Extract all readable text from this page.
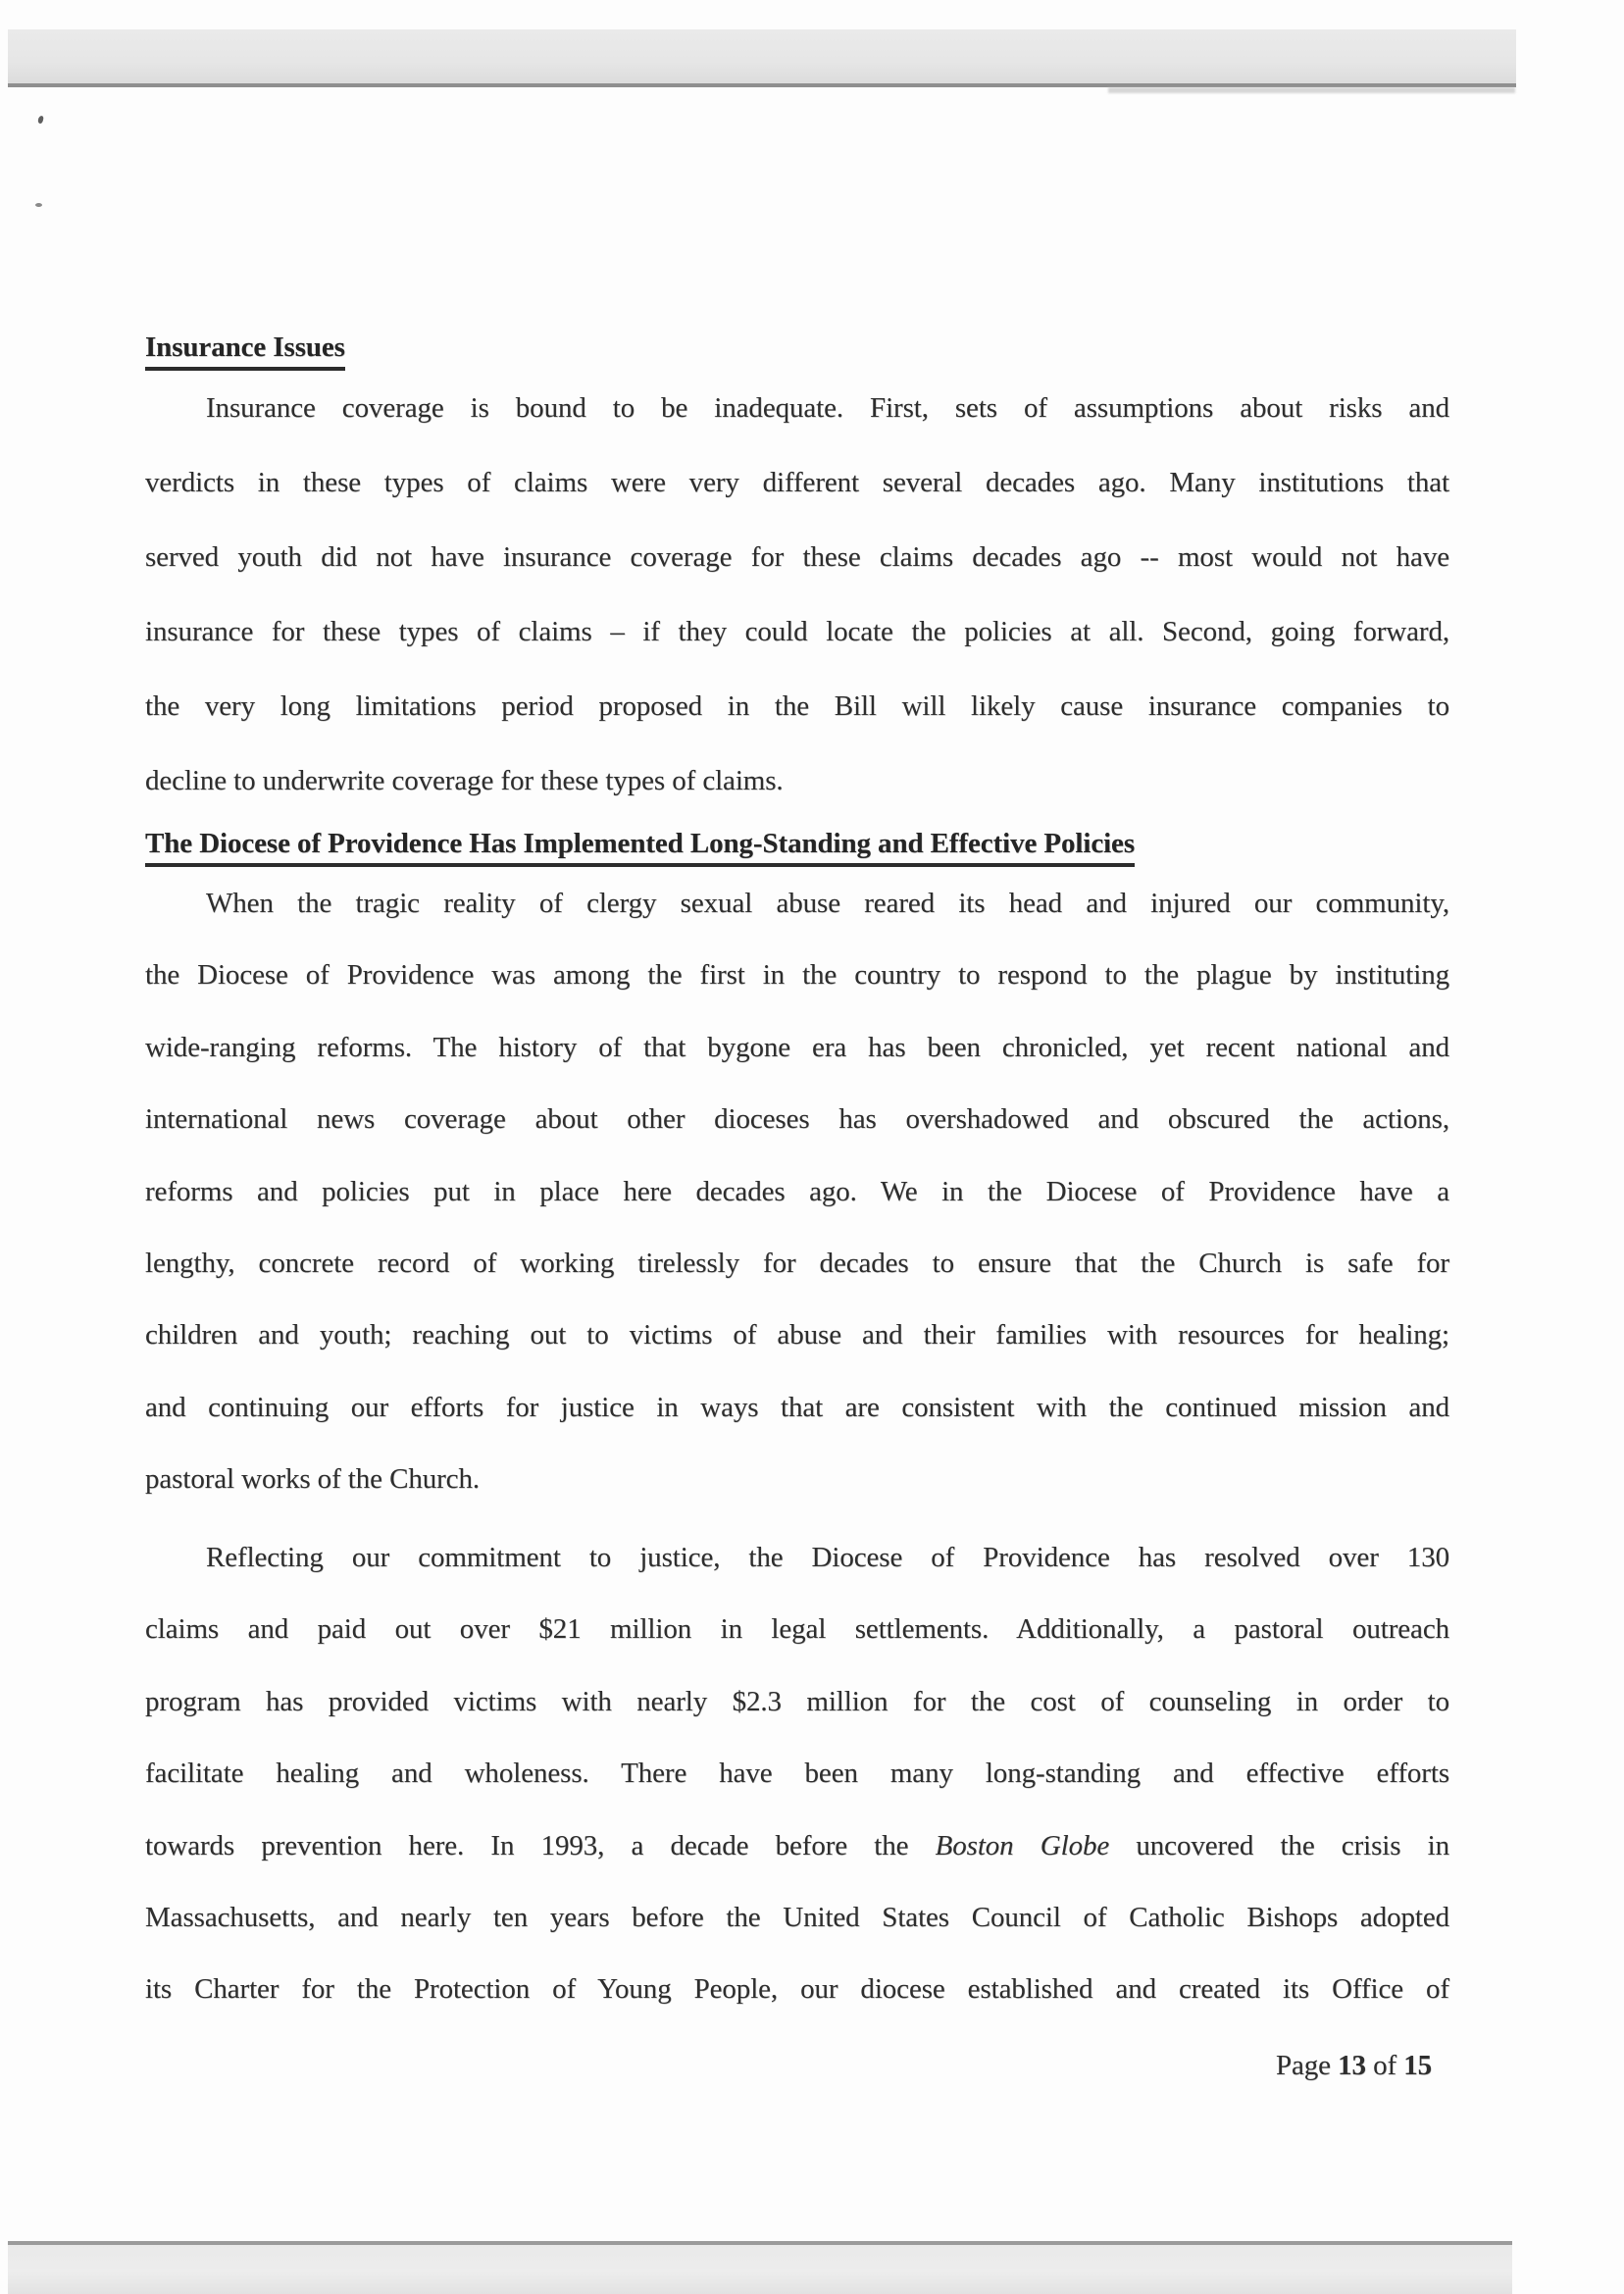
Insurance Issues
Insurance coverage is bound to be inadequate. First, sets of assumptions about risks and
verdicts in these types of claims were very different several decades ago. Many institutions that
served youth did not have insurance coverage for these claims decades ago -- most would not have
insurance for these types of claims – if they could locate the policies at all. Second, going forward,
the very long limitations period proposed in the Bill will likely cause insurance companies to
decline to underwrite coverage for these types of claims.
The Diocese of Providence Has Implemented Long-Standing and Effective Policies
When the tragic reality of clergy sexual abuse reared its head and injured our community,
the Diocese of Providence was among the first in the country to respond to the plague by instituting
wide-ranging reforms. The history of that bygone era has been chronicled, yet recent national and
international news coverage about other dioceses has overshadowed and obscured the actions,
reforms and policies put in place here decades ago. We in the Diocese of Providence have a
lengthy, concrete record of working tirelessly for decades to ensure that the Church is safe for
children and youth; reaching out to victims of abuse and their families with resources for healing;
and continuing our efforts for justice in ways that are consistent with the continued mission and
pastoral works of the Church.
Reflecting our commitment to justice, the Diocese of Providence has resolved over 130
claims and paid out over $21 million in legal settlements. Additionally, a pastoral outreach
program has provided victims with nearly $2.3 million for the cost of counseling in order to
facilitate healing and wholeness. There have been many long-standing and effective efforts
towards prevention here. In 1993, a decade before the Boston Globe uncovered the crisis in
Massachusetts, and nearly ten years before the United States Council of Catholic Bishops adopted
its Charter for the Protection of Young People, our diocese established and created its Office of
Page 13 of 15
